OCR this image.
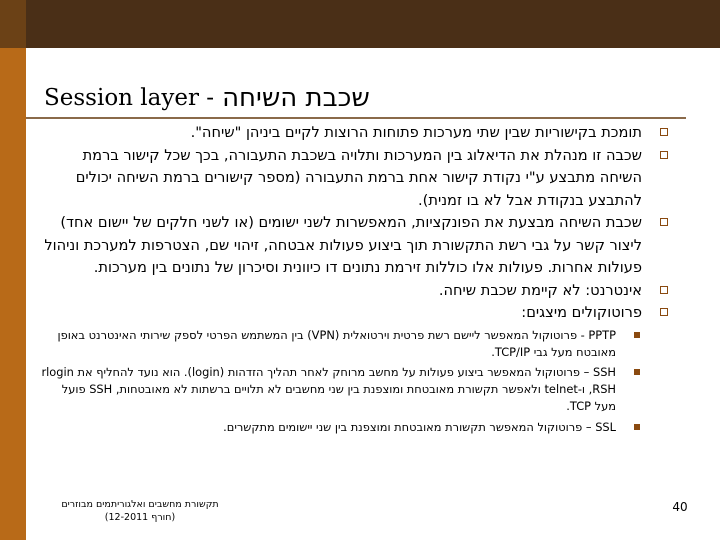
Session layer - שכבת השיחה
תומכת בקישוריות שבין שתי מערכות פתוחות הרוצות לקיים ביניהן "שיחה".
שכבה זו מנהלת את הדיאלוג בין המערכות ותלויה בשכבת התעבורה, בכך שכל קישור ברמת השיחה מתבצע ע"י נקודת קישור אחת ברמת התעבורה (מספר קישורים ברמת השיחה יכולים להתבצע בנקודת אבל לא בו זמנית).
שכבת השיחה מבצעת את הפונקציות, המאפשרות לשני ישומים (או לשני חלקים של יישום אחד) ליצור קשר על גבי רשת התקשורת תוך ביצוע פעולות אבטחה, זיהוי שם, הצטרפות למערכת וניהול פעולות אחרות. פעולות אלו כוללות זירמת נתונים דו כיוונית וסיכרון של נתונים בין מערכות.
אינטרנט: לא קיימת שכבת שיחה.
פרוטוקולים מיצגים:
PPTP - פרוטוקול המאפשר ליישם רשת פרטית וירטואלית (VPN) בין המשתמש הפרטי לספק שירותי האינטרנט באופן מאובטח מעל גבי TCP/IP.
SSH – פרוטוקול המאפשר ביצוע פעולות על מחשב מרוחק לאחר תהליך הזדהות (login). הוא נועד להחליף את rlogin ,RSH ו-telnet ולאפשר תקשורת מאובטחת ומוצפנת בין שני מחשבים לא תלויים ברשתות לא מאובטחות, SSH פועל מעל TCP.
SSL – פרוטוקול המאפשר תקשורת מאובטחת ומוצפנת בין שני יישומים מתקשרים.
תקשורת מחשבים ואלגוריתמים מבוזרים
(חורף 12-2011)
40
